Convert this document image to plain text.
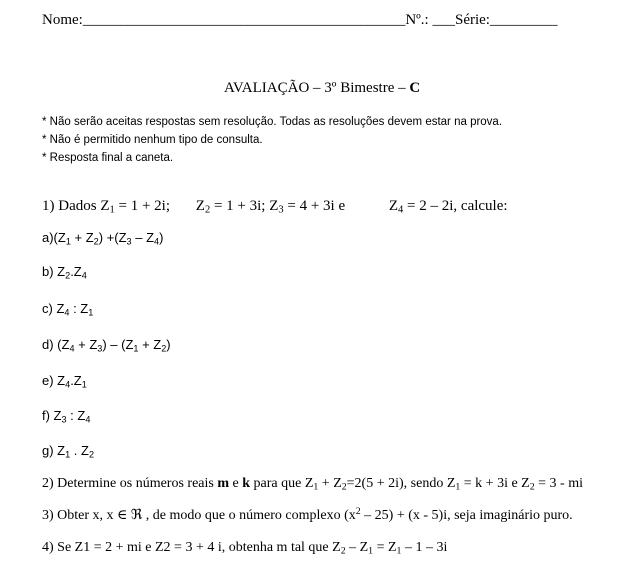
Nome:___________________________________________Nº.: ___Série:_________
AVALIAÇÃO – 3º Bimestre – C
* Não serão aceitas respostas sem resolução. Todas as resoluções devem estar na prova.
* Não é permitido nenhum tipo de consulta.
* Resposta final a caneta.
1) Dados $Z_1 = 1 + 2i$; $Z_2 = 1 + 3i$; $Z_3 = 4 + 3i$ e	$Z_4 = 2 - 2i$, calcule:
$a)(Z_1 + Z_2) +(Z_3 - Z_4)$
b) $Z_2.Z_4$
c) $Z_4$ : $Z_1$
d) $(Z_4 + Z_3) - (Z_1 + Z_2)$
e) $Z_4.Z_1$
f) $Z_3$ : $Z_4$
g) $Z_1$ . $Z_2$
2) Determine os números reais m e k para que $Z_1 + Z_2=2(5 + 2i)$, sendo $Z_1 = k + 3i$ e $Z_2 = 3$ - mi
3) Obter x, x ∈ ℜ , de modo que o número complexo $(x^2 - 25) + (x - 5)i$, seja imaginário puro.
4) Se Z1 = 2 + mi e Z2 = 3 + 4 i, obtenha m tal que $Z_2 - Z_1 = Z_1 - 1 - 3i$
